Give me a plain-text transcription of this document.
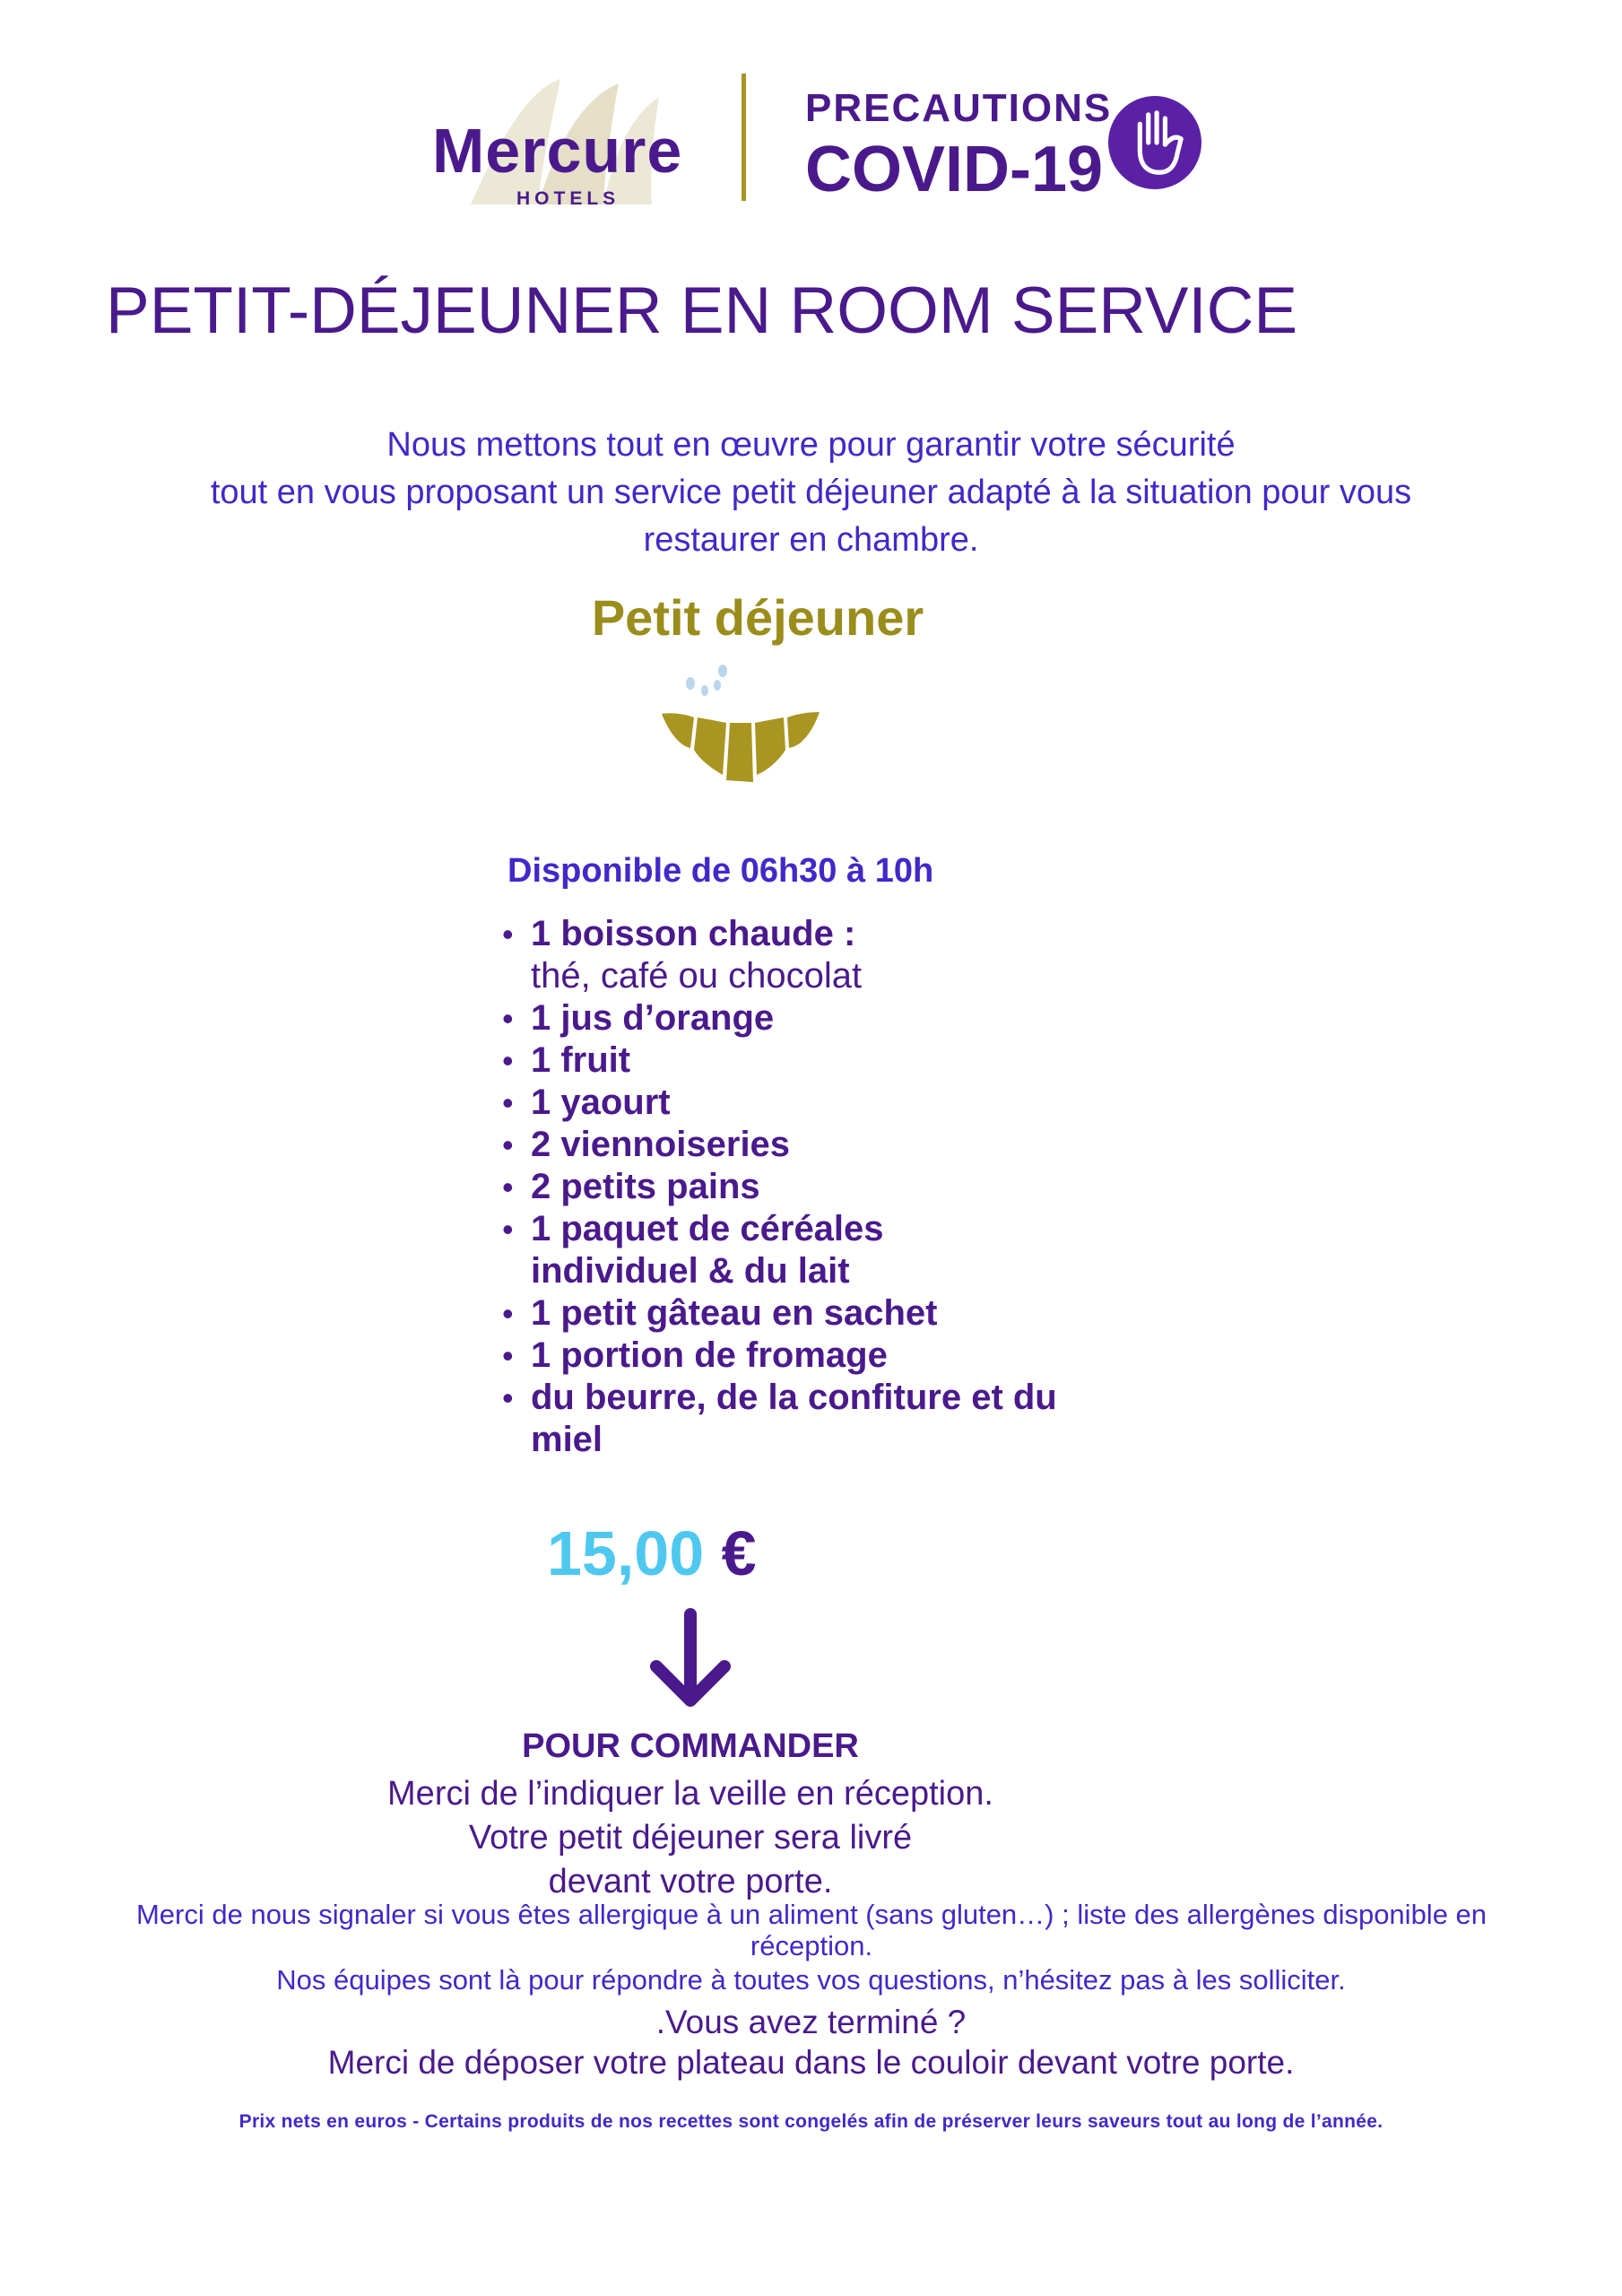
Mercure
HOTELS
PRECAUTIONS
COVID-19
PETIT-DÉJEUNER EN ROOM SERVICE
Nous mettons tout en œuvre pour garantir votre sécurité
tout en vous proposant un service petit déjeuner adapté à la situation pour vous
restaurer en chambre.
Petit déjeuner
Disponible de 06h30 à 10h
• 1 boisson chaude :
thé, café ou chocolat
• 1 jus d’orange
• 1 fruit
• 1 yaourt
• 2 viennoiseries
• 2 petits pains
• 1 paquet de céréales
individuel & du lait
• 1 petit gâteau en sachet
• 1 portion de fromage
• du beurre, de la confiture et du
miel
15,00 €
POUR COMMANDER
Merci de l’indiquer la veille en réception.
Votre petit déjeuner sera livré
devant votre porte.
Merci de nous signaler si vous êtes allergique à un aliment (sans gluten…) ; liste des allergènes disponible en
réception.
Nos équipes sont là pour répondre à toutes vos questions, n’hésitez pas à les solliciter.
.Vous avez terminé ?
Merci de déposer votre plateau dans le couloir devant votre porte.
Prix nets en euros - Certains produits de nos recettes sont congelés afin de préserver leurs saveurs tout au long de l’année.
